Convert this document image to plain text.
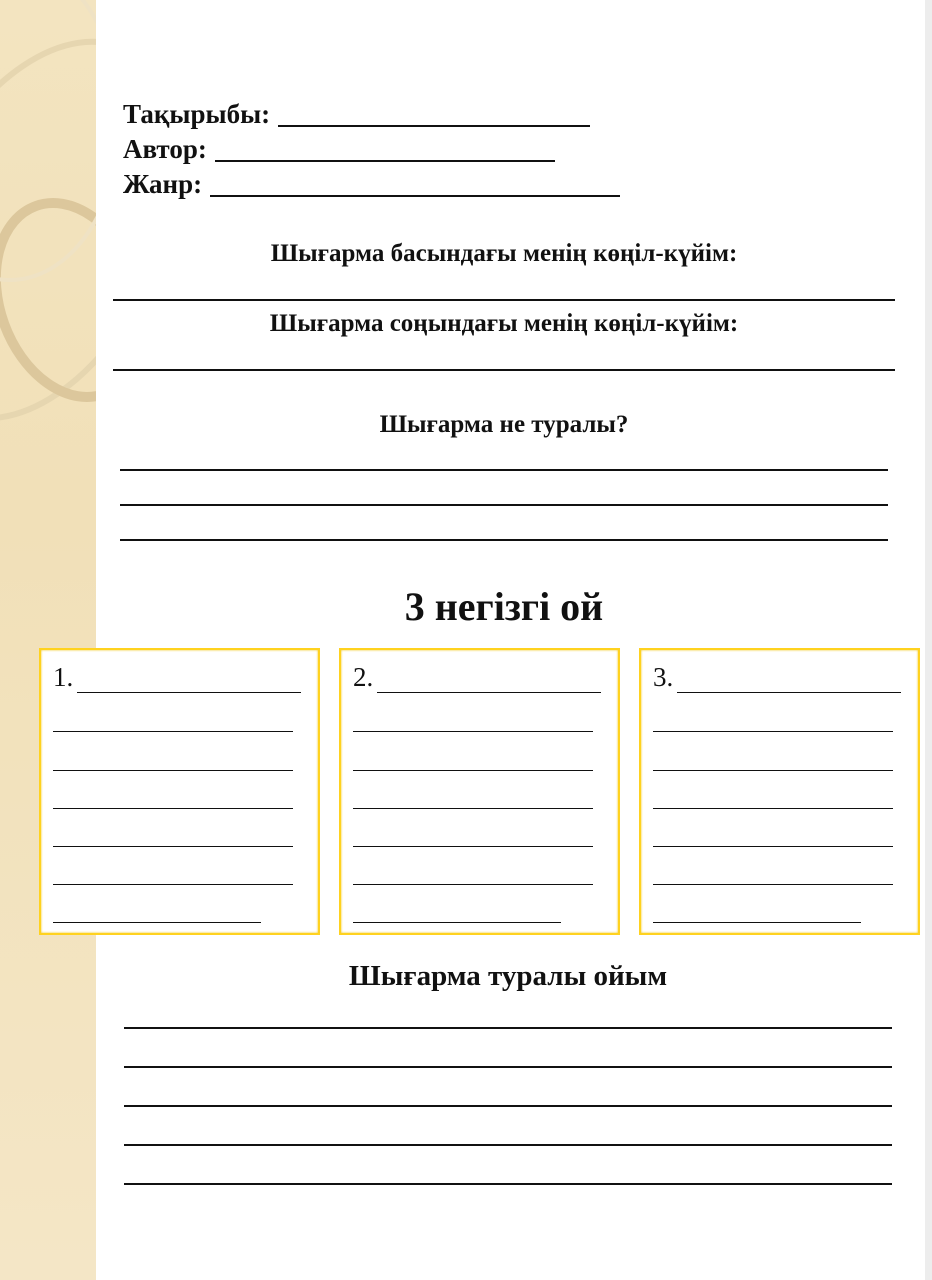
Тақырыбы:
Автор:
Жанр:
Шығарма басындағы менің көңіл-күйім:
Шығарма соңындағы менің көңіл-күйім:
Шығарма не туралы?
3 негізгі ой
1.	2.	3.
Шығарма туралы ойым
